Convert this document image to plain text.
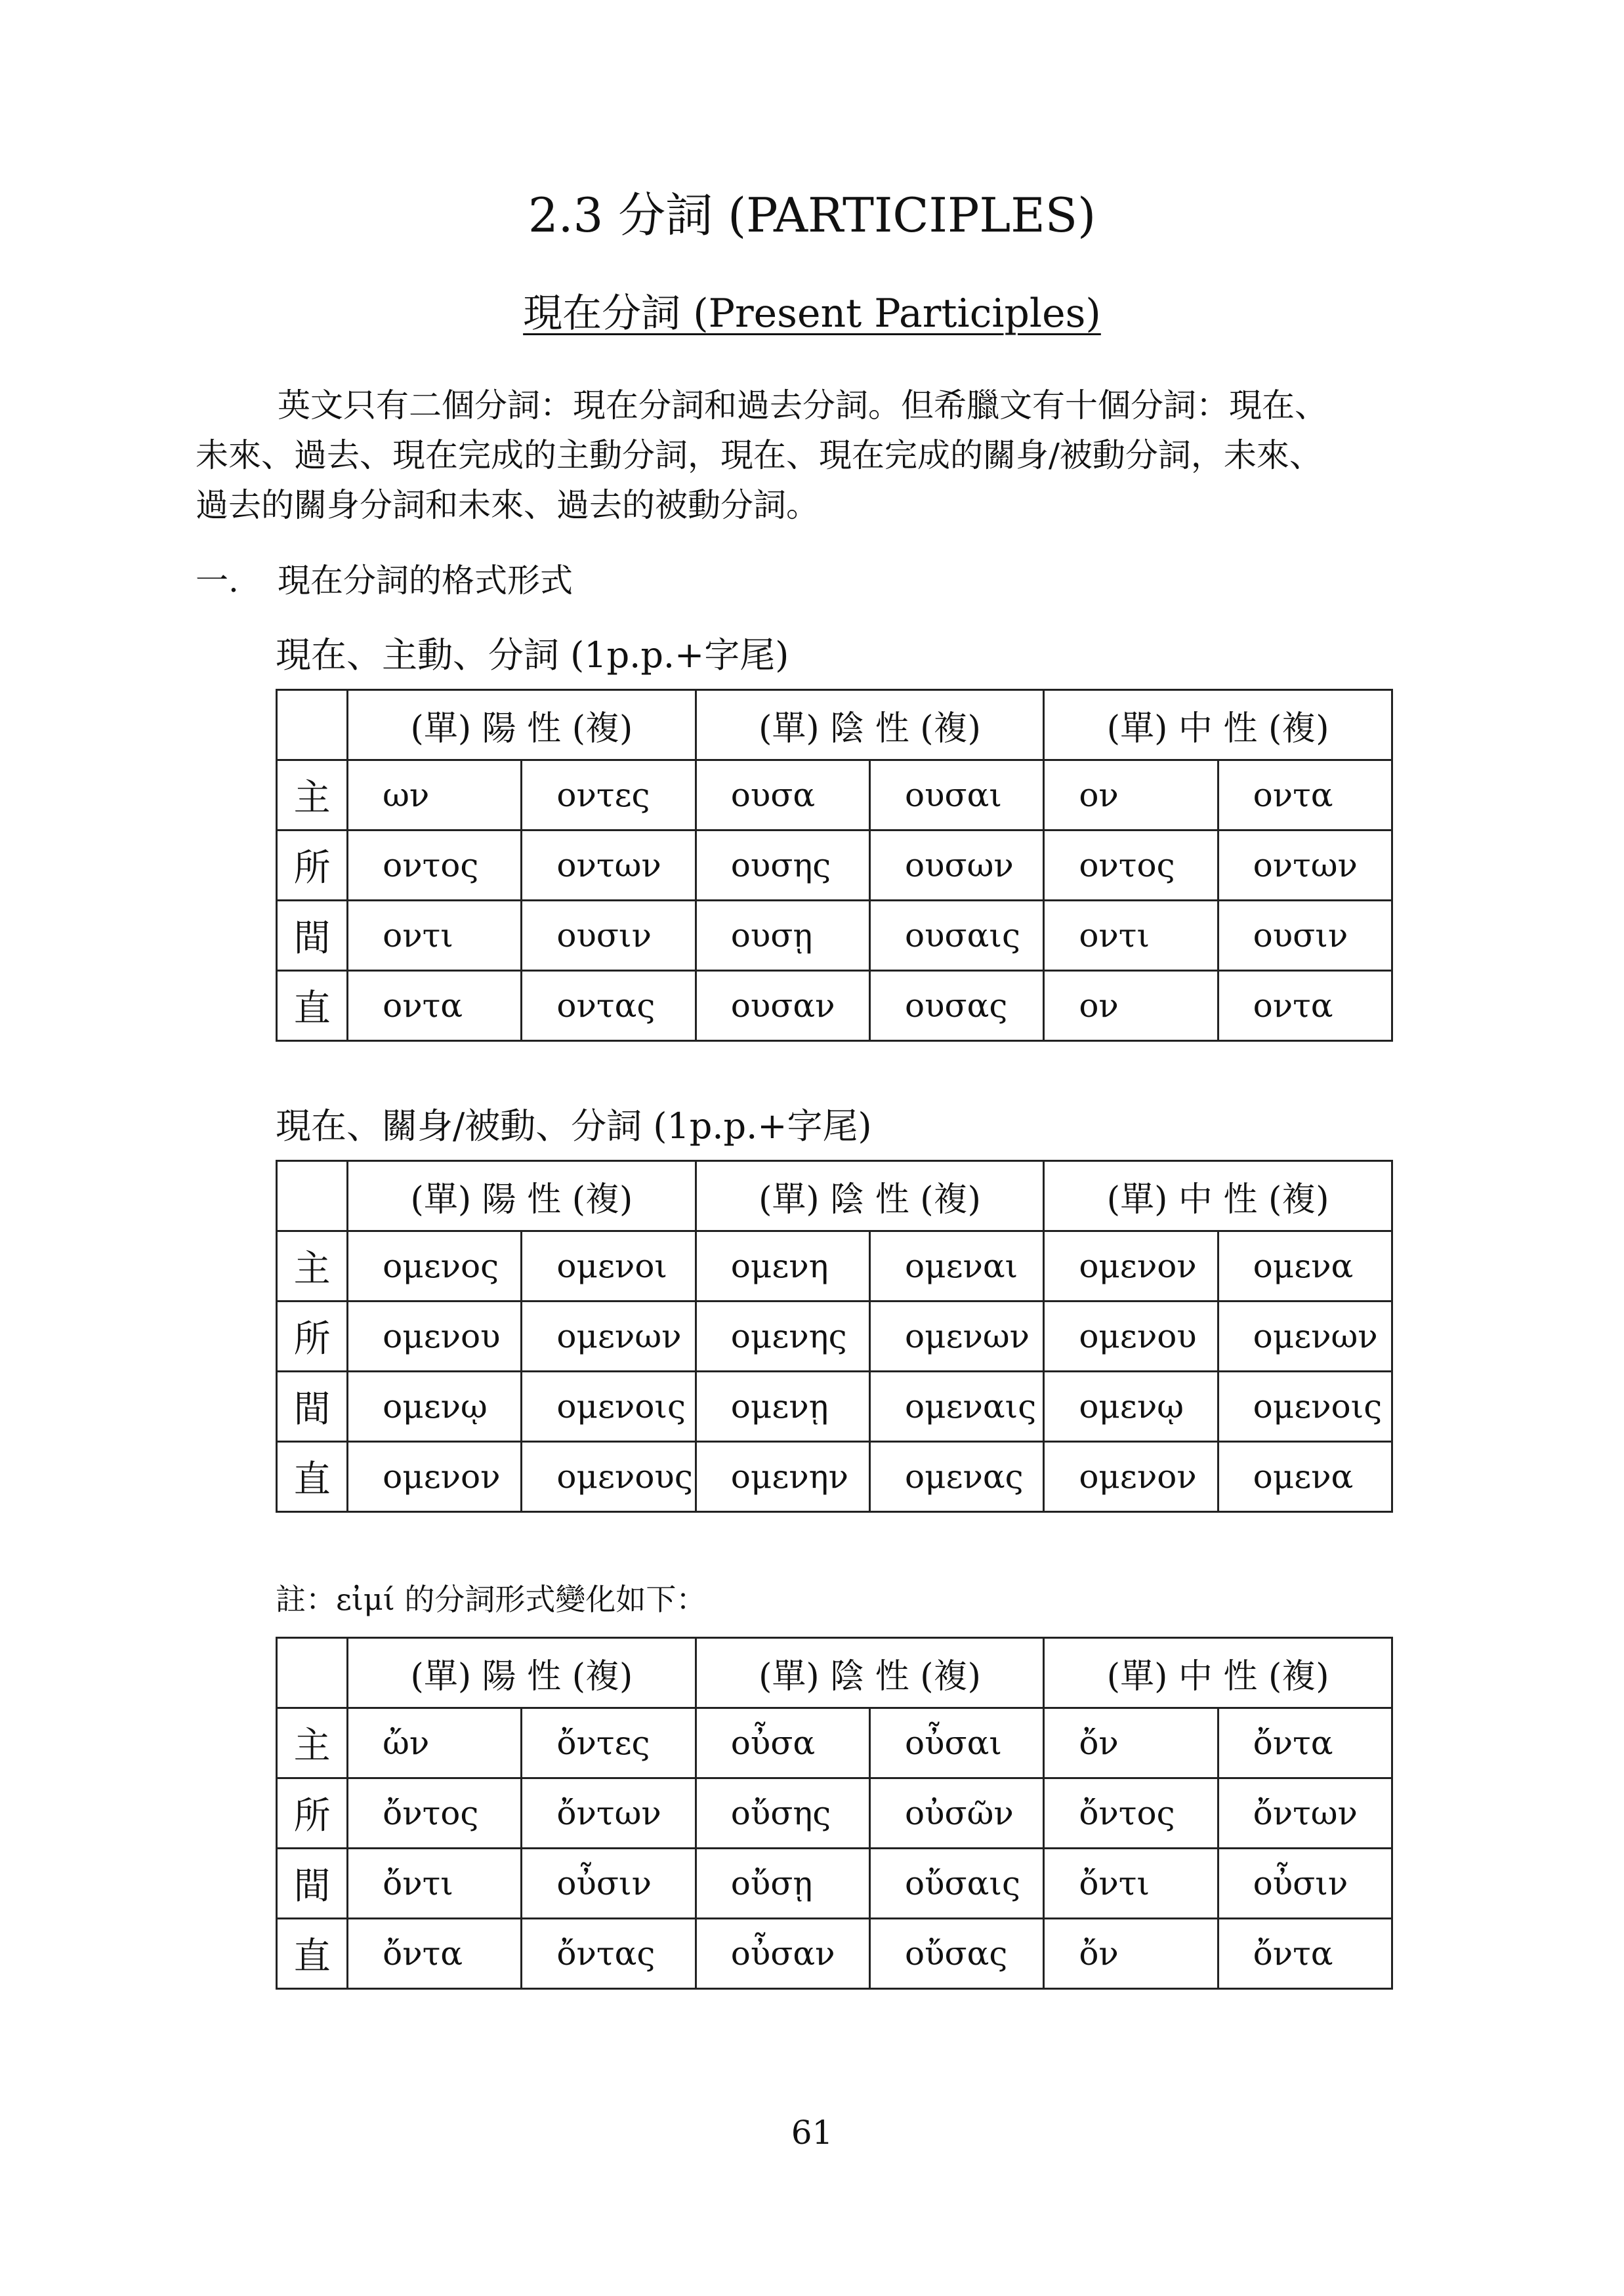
2.3 分詞 (PARTICIPLES)
現在分詞 (Present Participles)
英文只有二個分詞：現在分詞和過去分詞。但希臘文有十個分詞：現在、
未來、過去、現在完成的主動分詞，現在、現在完成的關身/被動分詞，未來、
過去的關身分詞和未來、過去的被動分詞。
一. 現在分詞的格式形式
現在、主動、分詞 (1p.p.+字尾)
	(單) 陽 性 (複)		(單) 陰 性 (複)		(單) 中 性 (複)	
主	ων	οντες	ουσα	ουσαι	ον	οντα
所	οντος	οντων	ουσης	ουσων	οντος	οντων
間	οντι	ουσιν	ουσῃ	ουσαις	οντι	ουσιν
直	οντα	οντας	ουσαν	ουσας	ον	οντα
現在、關身/被動、分詞 (1p.p.+字尾)
	(單) 陽 性 (複)		(單) 陰 性 (複)		(單) 中 性 (複)	
主	ομενος	ομενοι	ομενη	ομεναι	ομενον	ομενα
所	ομενου	ομενων	ομενης	ομενων	ομενου	ομενων
間	ομενῳ	ομενοις	ομενῃ	ομεναις	ομενῳ	ομενοις
直	ομενον	ομενους	ομενην	ομενας	ομενον	ομενα
註：εἰμί 的分詞形式變化如下：
	(單) 陽 性 (複)		(單) 陰 性 (複)		(單) 中 性 (複)	
主	ὤν	ὄντες	οὖσα	οὖσαι	ὄν	ὄντα
所	ὄντος	ὄντων	οὔσης	οὐσῶν	ὄντος	ὄντων
間	ὄντι	οὖσιν	οὔσῃ	οὔσαις	ὄντι	οὖσιν
直	ὄντα	ὄντας	οὖσαν	οὔσας	ὄν	ὄντα
61
